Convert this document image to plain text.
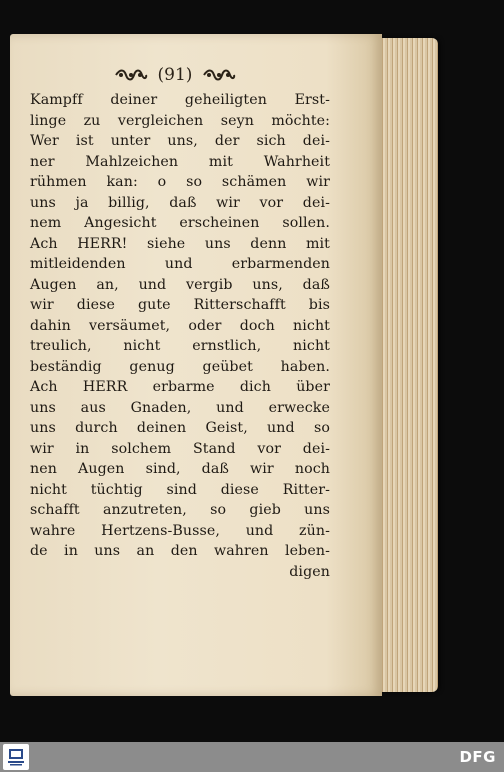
(91)
Kampff deiner geheiligten Erst-
linge zu vergleichen seyn möchte:
Wer ist unter uns, der sich dei-
ner Mahlzeichen mit Wahrheit
rühmen kan: o so schämen wir
uns ja billig, daß wir vor dei-
nem Angesicht erscheinen sollen.
Ach HERR! siehe uns denn mit
mitleidenden und erbarmenden
Augen an, und vergib uns, daß
wir diese gute Ritterschafft bis
dahin versäumet, oder doch nicht
treulich, nicht ernstlich, nicht
beständig genug geübet haben.
Ach HERR erbarme dich über
uns aus Gnaden, und erwecke
uns durch deinen Geist, und so
wir in solchem Stand vor dei-
nen Augen sind, daß wir noch
nicht tüchtig sind diese Ritter-
schafft anzutreten, so gieb uns
wahre Hertzens-Busse, und zün-
de in uns an den wahren leben-
digen
DFG
